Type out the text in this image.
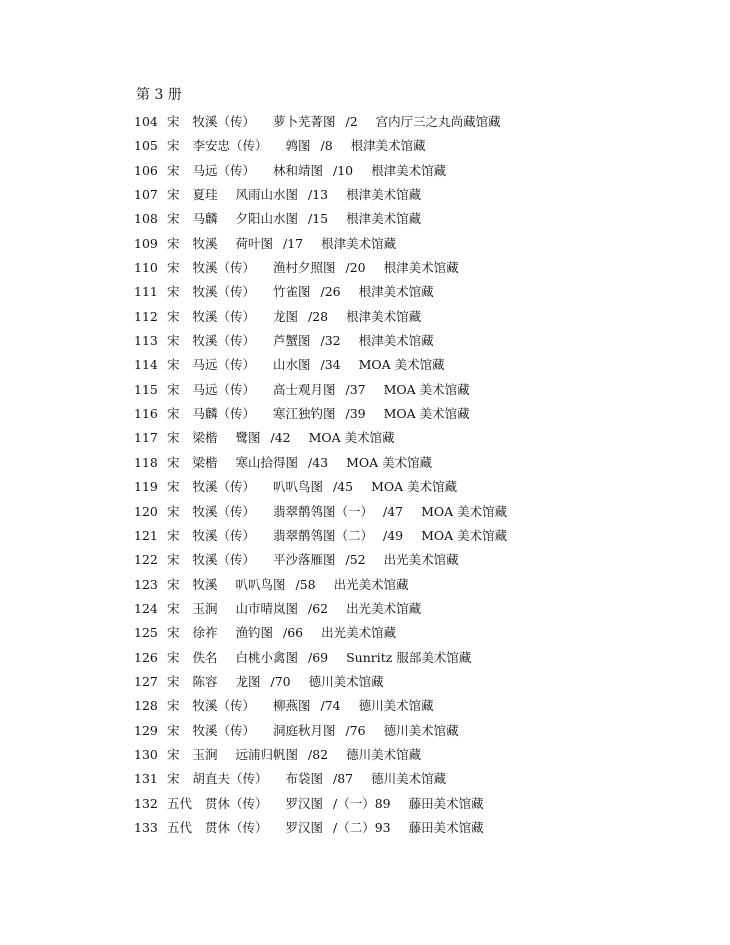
第 3 册
104 宋 牧溪（传） 萝卜芜菁图 /2 宫内厅三之丸尚藏馆藏
105 宋 李安忠（传） 鹑图 /8 根津美术馆藏
106 宋 马远（传） 林和靖图 /10 根津美术馆藏
107 宋 夏珪 风雨山水图 /13 根津美术馆藏
108 宋 马麟 夕阳山水图 /15 根津美术馆藏
109 宋 牧溪 荷叶图 /17 根津美术馆藏
110 宋 牧溪（传） 渔村夕照图 /20 根津美术馆藏
111 宋 牧溪（传） 竹雀图 /26 根津美术馆藏
112 宋 牧溪（传） 龙图 /28 根津美术馆藏
113 宋 牧溪（传） 芦蟹图 /32 根津美术馆藏
114 宋 马远（传） 山水图 /34 MOA 美术馆藏
115 宋 马远（传） 高士观月图 /37 MOA 美术馆藏
116 宋 马麟（传） 寒江独钓图 /39 MOA 美术馆藏
117 宋 梁楷 鹭图 /42 MOA 美术馆藏
118 宋 梁楷 寒山拾得图 /43 MOA 美术馆藏
119 宋 牧溪（传） 叭叭鸟图 /45 MOA 美术馆藏
120 宋 牧溪（传） 翡翠鹡鸰图（一） /47 MOA 美术馆藏
121 宋 牧溪（传） 翡翠鹡鸰图（二） /49 MOA 美术馆藏
122 宋 牧溪（传） 平沙落雁图 /52 出光美术馆藏
123 宋 牧溪 叭叭鸟图 /58 出光美术馆藏
124 宋 玉涧 山市晴岚图 /62 出光美术馆藏
125 宋 徐祚 渔钓图 /66 出光美术馆藏
126 宋 佚名 白桃小禽图 /69 Sunritz 服部美术馆藏
127 宋 陈容 龙图 /70 德川美术馆藏
128 宋 牧溪（传） 柳燕图 /74 德川美术馆藏
129 宋 牧溪（传） 洞庭秋月图 /76 德川美术馆藏
130 宋 玉涧 远浦归帆图 /82 德川美术馆藏
131 宋 胡直夫（传） 布袋图 /87 德川美术馆藏
132 五代 贯休（传） 罗汉图 /（一）89 藤田美术馆藏
133 五代 贯休（传） 罗汉图 /（二）93 藤田美术馆藏
